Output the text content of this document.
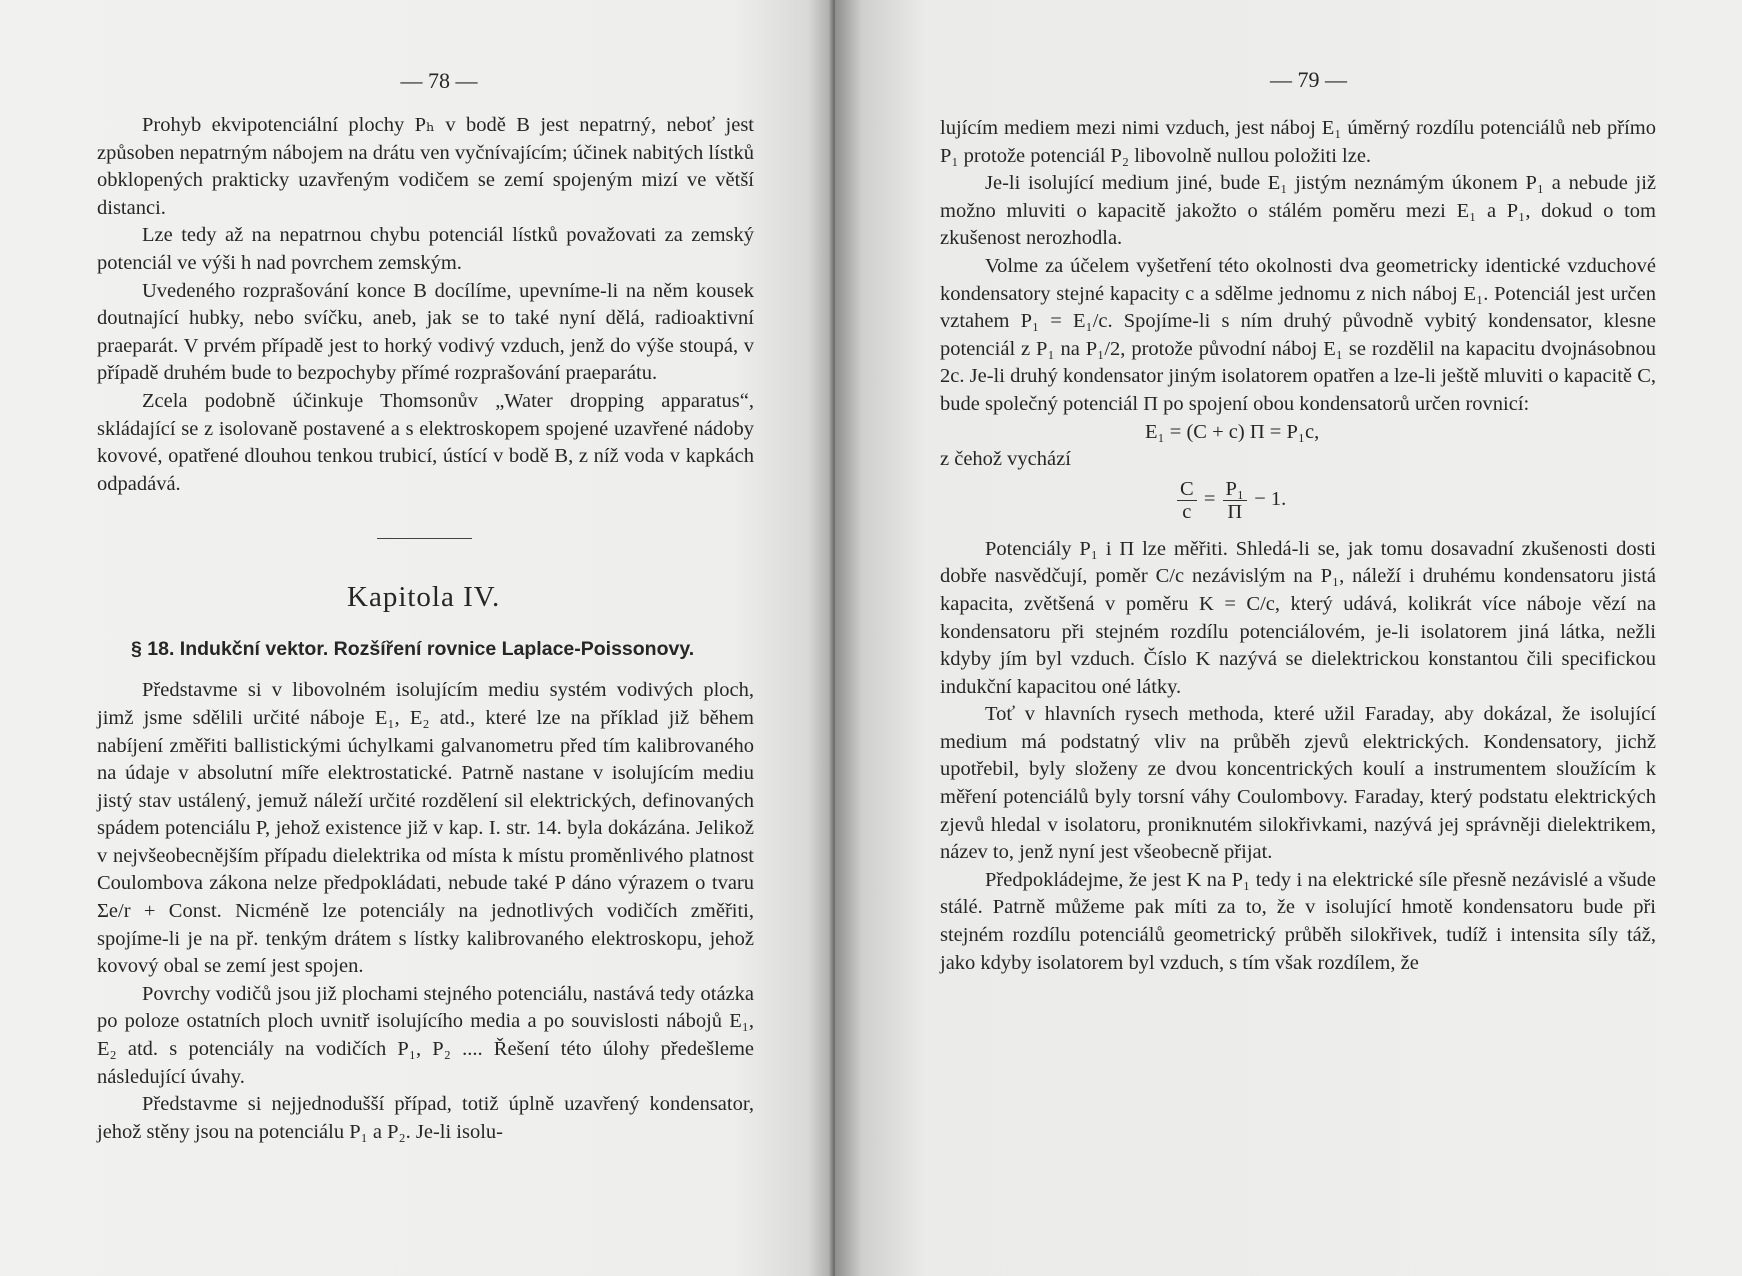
— 78 —

Prohyb ekvipotenciální plochy Pₕ v bodě B jest nepatrný, neboť jest způsoben nepatrným nábojem na drátu ven vyčnívajícím; účinek nabitých lístků obklopených prakticky uzavřeným vodičem se zemí spojeným mizí ve větší distanci.

Lze tedy až na nepatrnou chybu potenciál lístků považovati za zemský potenciál ve výši h nad povrchem zemským.

Uvedeného rozprašování konce B docílíme, upevníme-li na něm kousek doutnající hubky, nebo svíčku, aneb, jak se to také nyní dělá, radioaktivní praeparát. V prvém případě jest to horký vodivý vzduch, jenž do výše stoupá, v případě druhém bude to bezpochyby přímé rozprašování praeparátu.

Zcela podobně účinkuje Thomsonův „Water dropping apparatus“, skládající se z isolovaně postavené a s elektroskopem spojené uzavřené nádoby kovové, opatřené dlouhou tenkou trubicí, ústící v bodě B, z níž voda v kapkách odpadává.

Kapitola IV.
§ 18. Indukční vektor. Rozšíření rovnice Laplace-Poissonovy.

Představme si v libovolném isolujícím mediu systém vodivých ploch, jimž jsme sdělili určité náboje E₁, E₂ atd., které lze na příklad již během nabíjení změřiti ballistickými úchylkami galvanometru před tím kalibrovaného na údaje v absolutní míře elektrostatické. Patrně nastane v isolujícím mediu jistý stav ustálený, jemuž náleží určité rozdělení sil elektrických, definovaných spádem potenciálu P, jehož existence již v kap. I. str. 14. byla dokázána. Jelikož v nejvšeobecnějším případu dielektrika od místa k místu proměnlivého platnost Coulombova zákona nelze předpokládati, nebude také P dáno výrazem o tvaru Σe/r + Const. Nicméně lze potenciály na jednotlivých vodičích změřiti, spojíme-li je na př. tenkým drátem s lístky kalibrovaného elektroskopu, jehož kovový obal se zemí jest spojen.

Povrchy vodičů jsou již plochami stejného potenciálu, nastává tedy otázka po poloze ostatních ploch uvnitř isolujícího media a po souvislosti nábojů E₁, E₂ atd. s potenciály na vodičích P₁, P₂ .... Řešení této úlohy předešleme následující úvahy.

Představme si nejjednodušší případ, totiž úplně uzavřený kondensator, jehož stěny jsou na potenciálu P₁ a P₂. Je-li isolu-

— 79 —

lujícím mediem mezi nimi vzduch, jest náboj E₁ úměrný rozdílu potenciálů neb přímo P₁ protože potenciál P₂ libovolně nullou položiti lze.

Je-li isolující medium jiné, bude E₁ jistým neznámým úkonem P₁ a nebude již možno mluviti o kapacitě jakožto o stálém poměru mezi E₁ a P₁, dokud o tom zkušenost nerozhodla.

Volme za účelem vyšetření této okolnosti dva geometricky identické vzduchové kondensatory stejné kapacity c a sdělme jednomu z nich náboj E₁. Potenciál jest určen vztahem P₁ = E₁/c. Spojíme-li s ním druhý původně vybitý kondensator, klesne potenciál z P₁ na P₁/2, protože původní náboj E₁ se rozdělil na kapacitu dvojnásobnou 2c. Je-li druhý kondensator jiným isolatorem opatřen a lze-li ještě mluviti o kapacitě C, bude společný potenciál Π po spojení obou kondensatorů určen rovnicí:

E₁ = (C + c) Π = P₁c,

z čehož vychází

$\frac{C}{c} = \frac{\text{P₁}}{\Pi} - 1$.

Potenciály P₁ i Π lze měřiti. Shledá-li se, jak tomu dosavadní zkušenosti dosti dobře nasvědčují, poměr C/c nezávislým na P₁, náleží i druhému kondensatoru jistá kapacita, zvětšená v poměru K = C/c, který udává, kolikrát více náboje vězí na kondensatoru při stejném rozdílu potenciálovém, je-li isolatorem jiná látka, nežli kdyby jím byl vzduch. Číslo K nazývá se dielektrickou konstantou čili specifickou indukční kapacitou oné látky.

Toť v hlavních rysech methoda, které užil Faraday, aby dokázal, že isolující medium má podstatný vliv na průběh zjevů elektrických. Kondensatory, jichž upotřebil, byly složeny ze dvou koncentrických koulí a instrumentem sloužícím k měření potenciálů byly torsní váhy Coulombovy. Faraday, který podstatu elektrických zjevů hledal v isolatoru, proniknutém silokřivkami, nazývá jej správněji dielektrikem, název to, jenž nyní jest všeobecně přijat.

Předpokládejme, že jest K na P₁ tedy i na elektrické síle přesně nezávislé a všude stálé. Patrně můžeme pak míti za to, že v isolující hmotě kondensatoru bude při stejném rozdílu potenciálů geometrický průběh silokřivek, tudíž i intensita síly táž, jako kdyby isolatorem byl vzduch, s tím však rozdílem, že
